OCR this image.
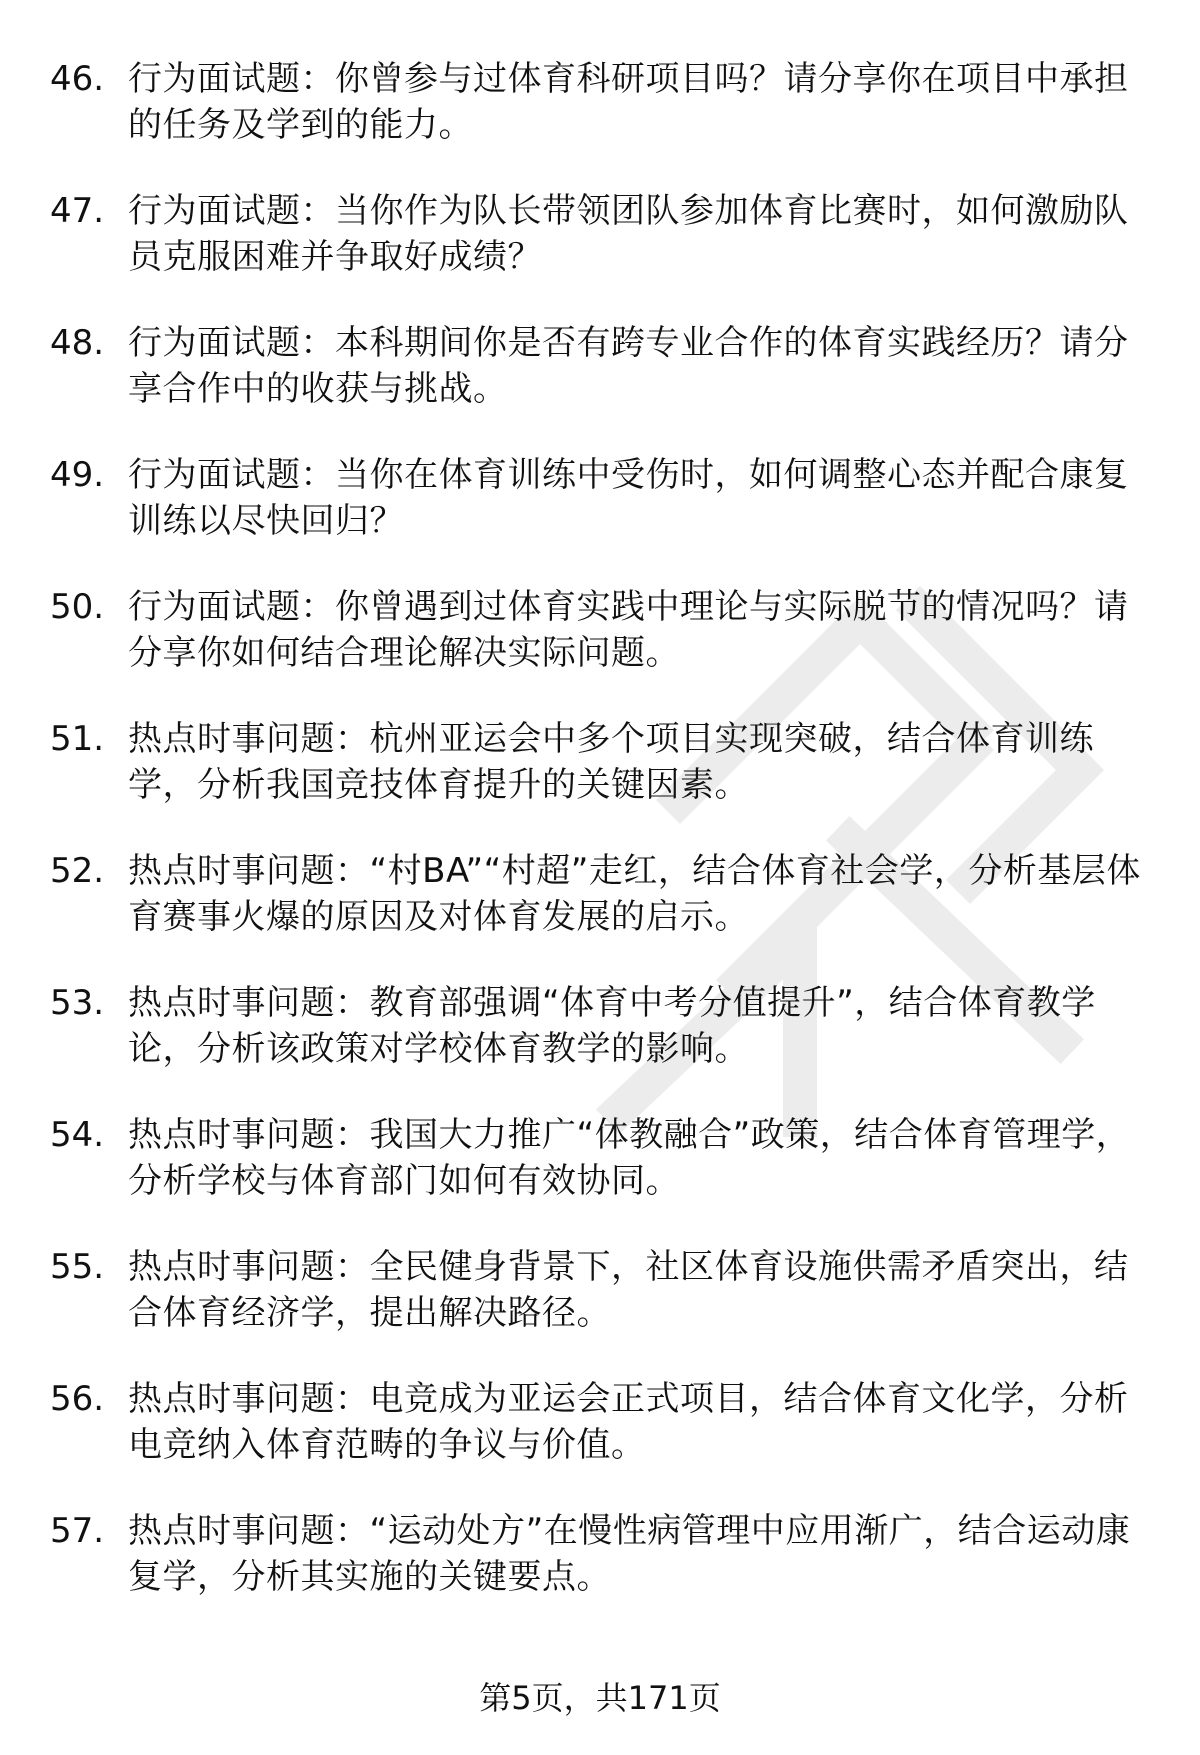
46. 行为面试题：你曾参与过体育科研项目吗？请分享你在项目中承担的任务及学到的能力。
47. 行为面试题：当你作为队长带领团队参加体育比赛时，如何激励队员克服困难并争取好成绩？
48. 行为面试题：本科期间你是否有跨专业合作的体育实践经历？请分享合作中的收获与挑战。
49. 行为面试题：当你在体育训练中受伤时，如何调整心态并配合康复训练以尽快回归？
50. 行为面试题：你曾遇到过体育实践中理论与实际脱节的情况吗？请分享你如何结合理论解决实际问题。
51. 热点时事问题：杭州亚运会中多个项目实现突破，结合体育训练学，分析我国竞技体育提升的关键因素。
52. 热点时事问题：“村BA”“村超”走红，结合体育社会学，分析基层体育赛事火爆的原因及对体育发展的启示。
53. 热点时事问题：教育部强调“体育中考分值提升”，结合体育教学论，分析该政策对学校体育教学的影响。
54. 热点时事问题：我国大力推广“体教融合”政策，结合体育管理学，分析学校与体育部门如何有效协同。
55. 热点时事问题：全民健身背景下，社区体育设施供需矛盾突出，结合体育经济学，提出解决路径。
56. 热点时事问题：电竞成为亚运会正式项目，结合体育文化学，分析电竞纳入体育范畴的争议与价值。
57. 热点时事问题：“运动处方”在慢性病管理中应用渐广，结合运动康复学，分析其实施的关键要点。
第5页，共171页
